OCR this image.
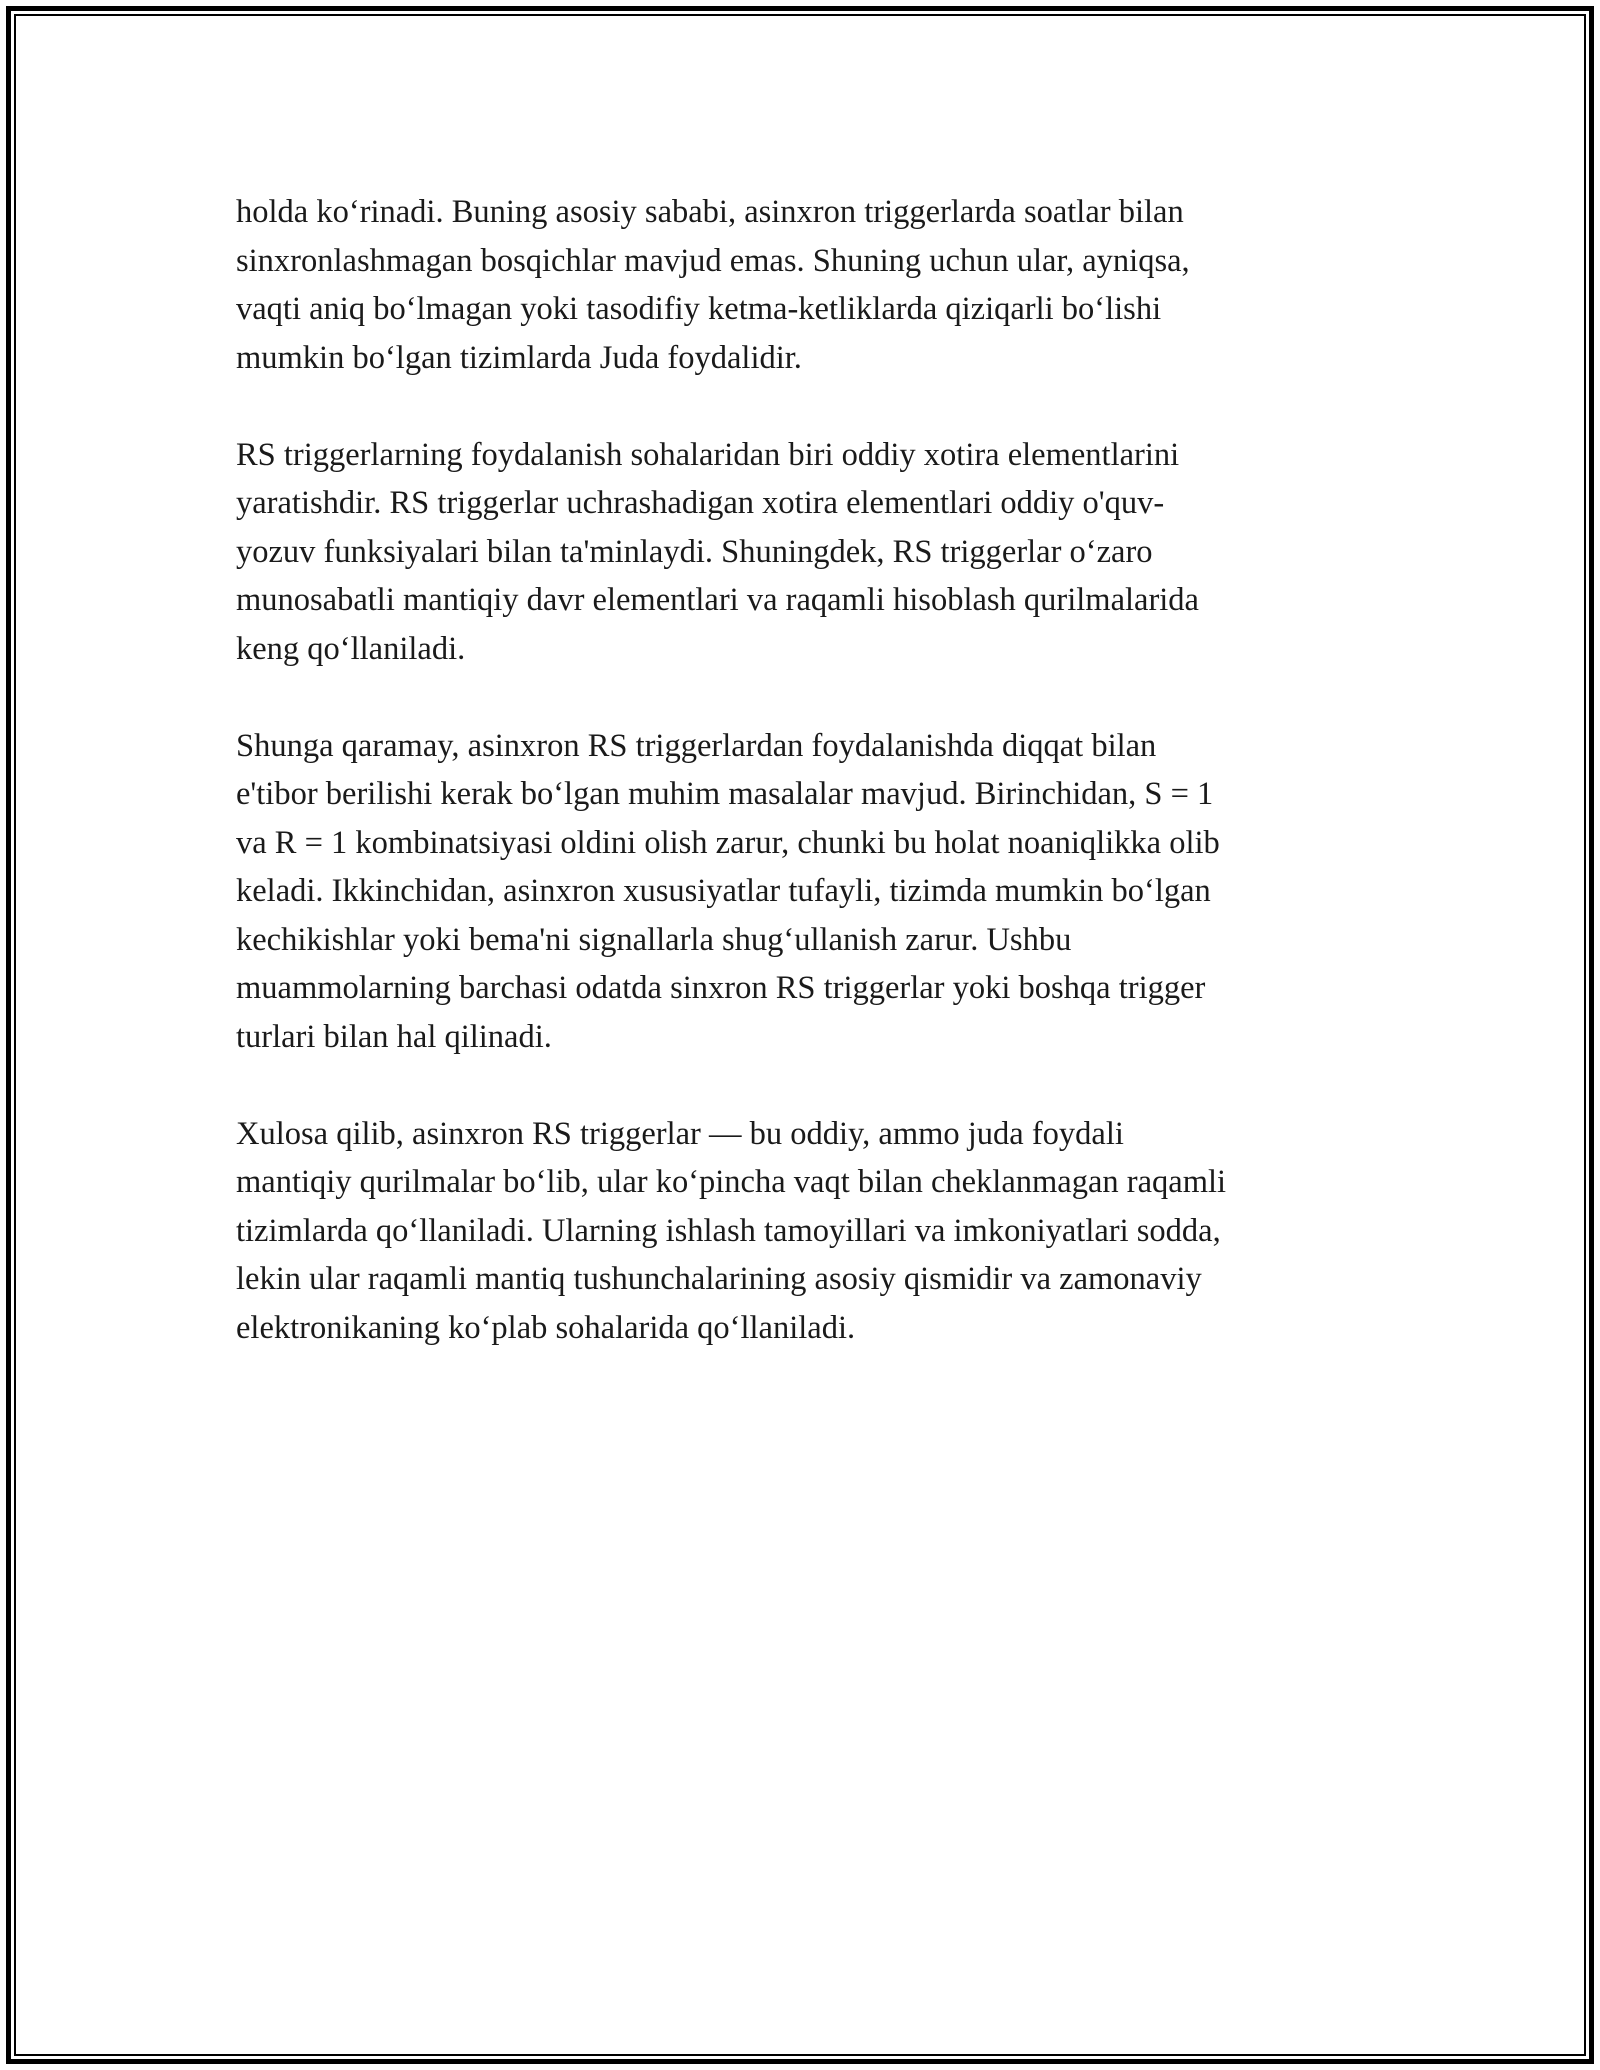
holda ko‘rinadi. Buning asosiy sababi, asinxron triggerlarda soatlar bilan
sinxronlashmagan bosqichlar mavjud emas. Shuning uchun ular, ayniqsa,
vaqti aniq bo‘lmagan yoki tasodifiy ketma-ketliklarda qiziqarli bo‘lishi
mumkin bo‘lgan tizimlarda Juda foydalidir.

RS triggerlarning foydalanish sohalaridan biri oddiy xotira elementlarini
yaratishdir. RS triggerlar uchrashadigan xotira elementlari oddiy o'quv-
yozuv funksiyalari bilan ta'minlaydi. Shuningdek, RS triggerlar o‘zaro
munosabatli mantiqiy davr elementlari va raqamli hisoblash qurilmalarida
keng qo‘llaniladi.

Shunga qaramay, asinxron RS triggerlardan foydalanishda diqqat bilan
e'tibor berilishi kerak bo‘lgan muhim masalalar mavjud. Birinchidan, S = 1
va R = 1 kombinatsiyasi oldini olish zarur, chunki bu holat noaniqlikka olib
keladi. Ikkinchidan, asinxron xususiyatlar tufayli, tizimda mumkin bo‘lgan
kechikishlar yoki bema'ni signallarla shug‘ullanish zarur. Ushbu
muammolarning barchasi odatda sinxron RS triggerlar yoki boshqa trigger
turlari bilan hal qilinadi.

Xulosa qilib, asinxron RS triggerlar — bu oddiy, ammo juda foydali
mantiqiy qurilmalar bo‘lib, ular ko‘pincha vaqt bilan cheklanmagan raqamli
tizimlarda qo‘llaniladi. Ularning ishlash tamoyillari va imkoniyatlari sodda,
lekin ular raqamli mantiq tushunchalarining asosiy qismidir va zamonaviy
elektronikaning ko‘plab sohalarida qo‘llaniladi.
